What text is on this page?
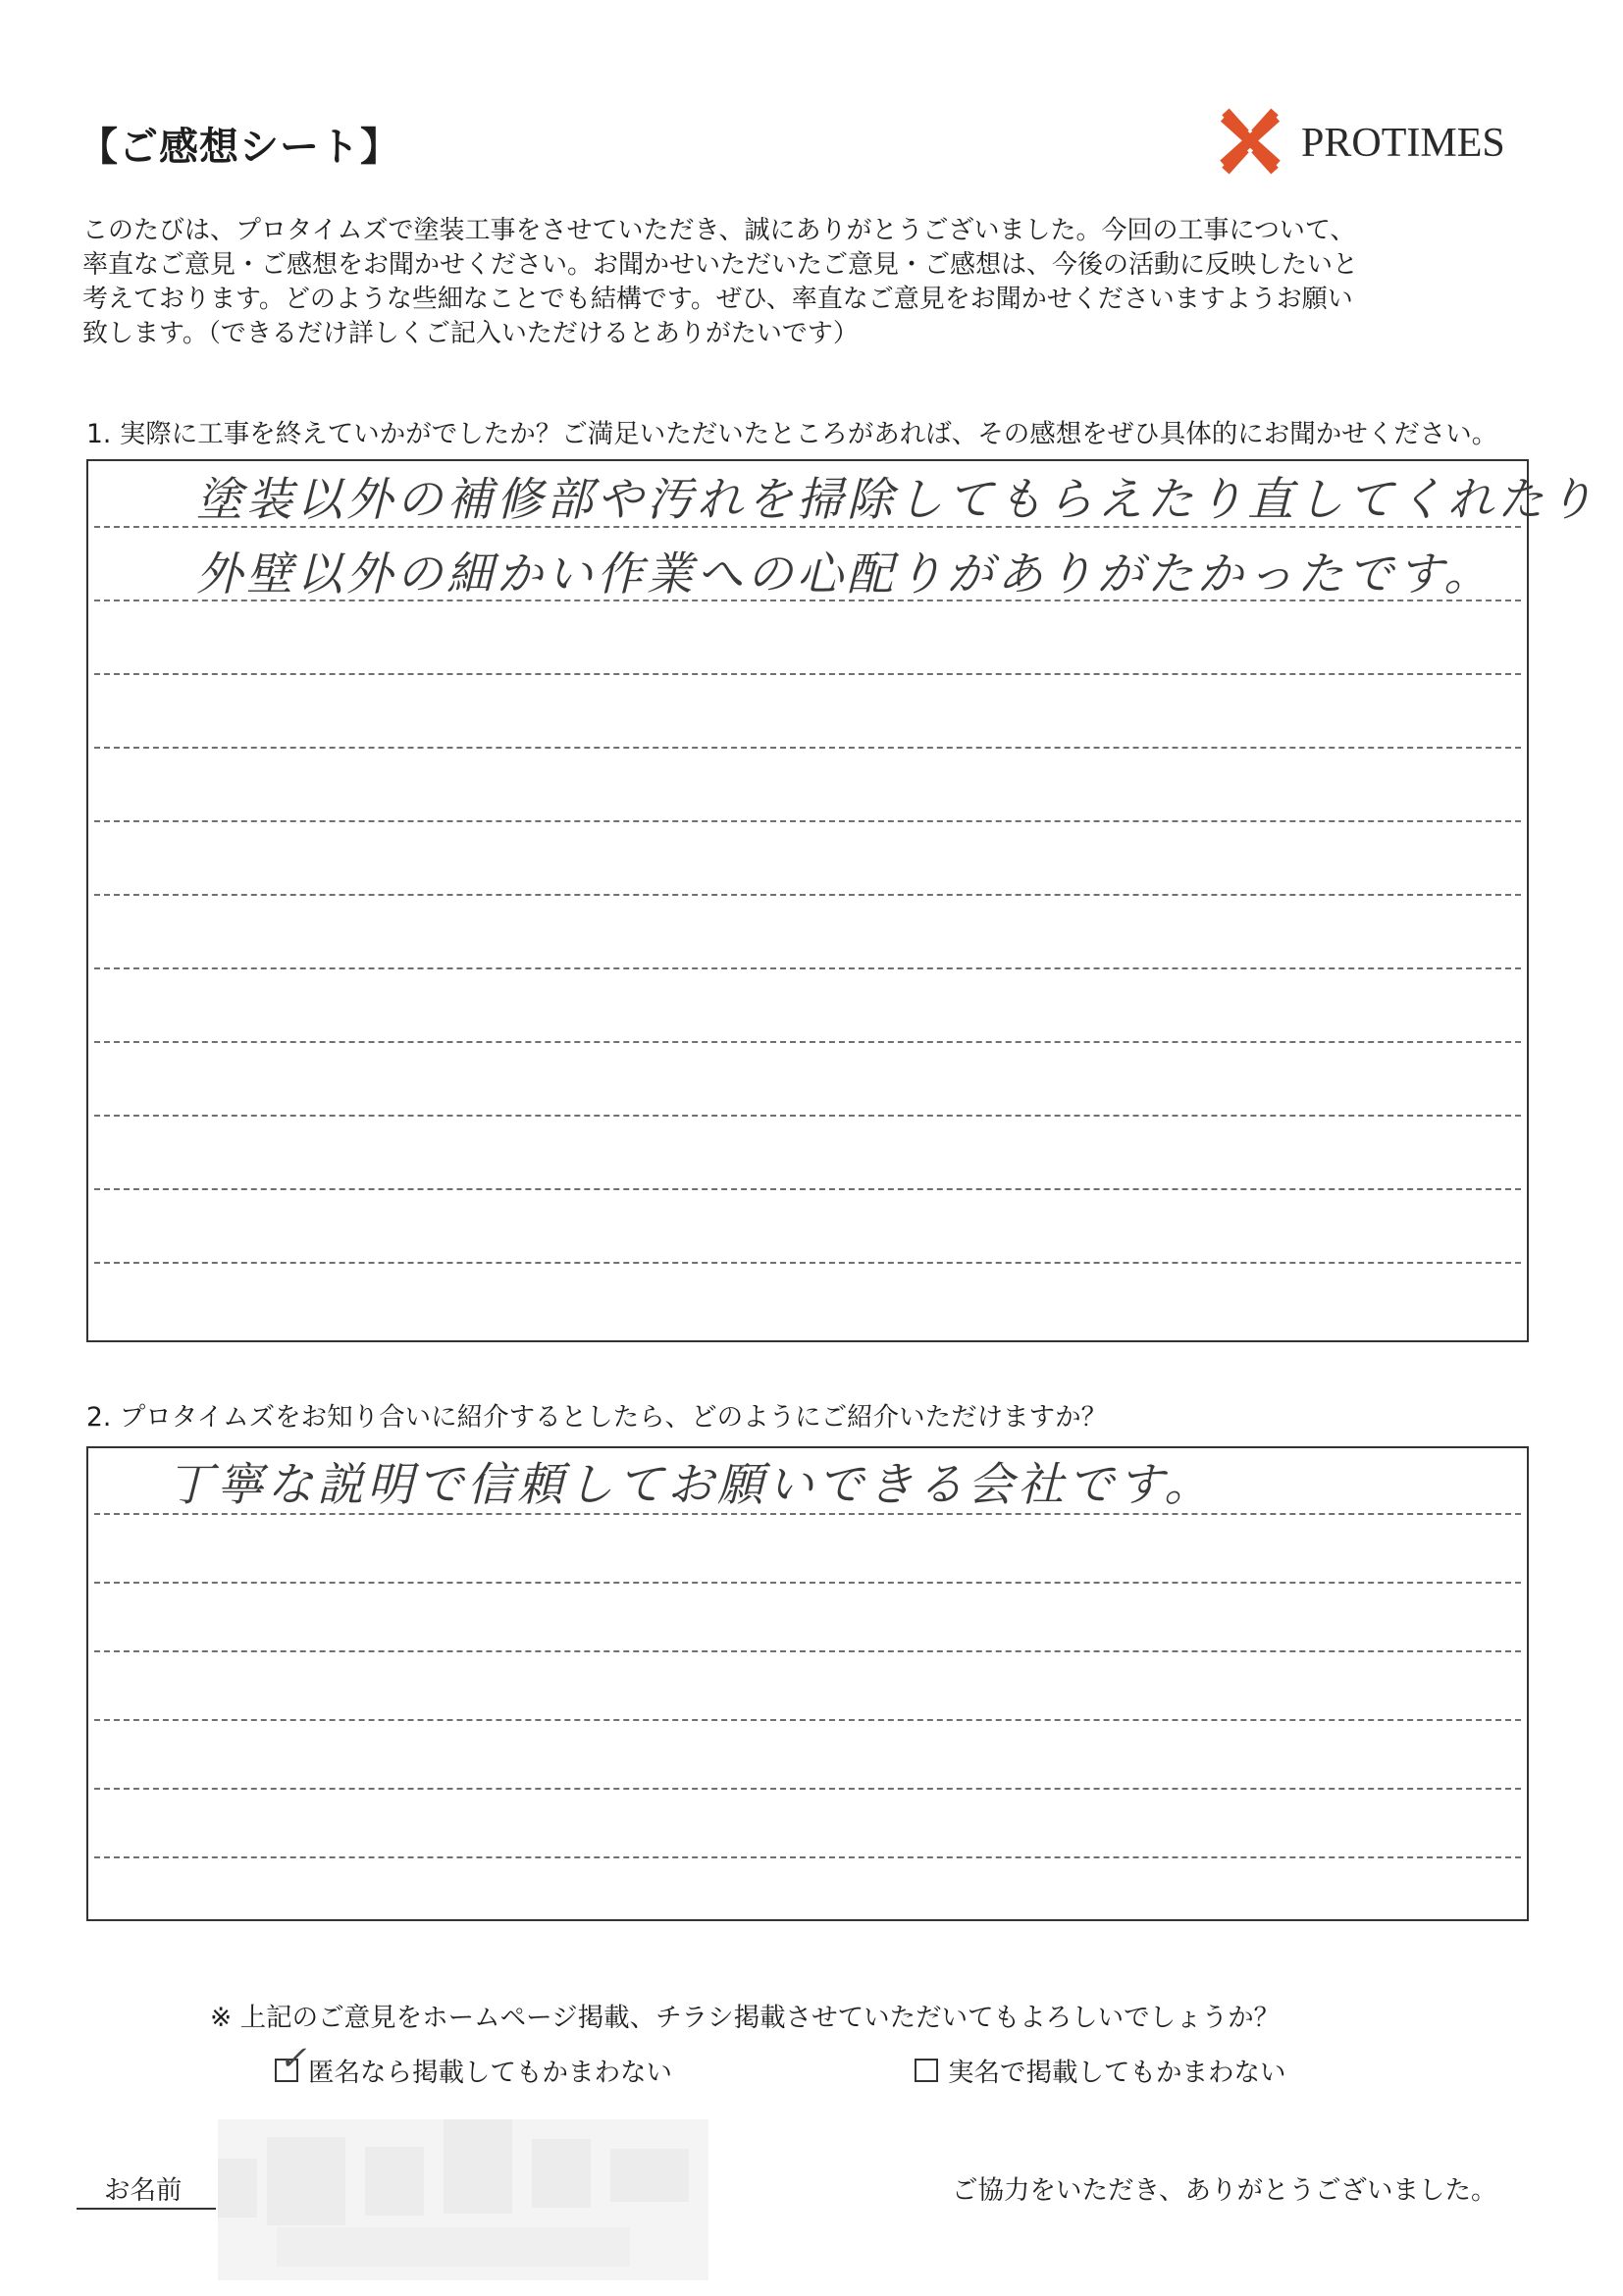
【ご感想シート】	PROTIMES
このたびは、プロタイムズで塗装工事をさせていただき、誠にありがとうございました。今回の工事について、
率直なご意見・ご感想をお聞かせください。お聞かせいただいたご意見・ご感想は、今後の活動に反映したいと
考えております。どのような些細なことでも結構です。ぜひ、率直なご意見をお聞かせくださいますようお願い
致します。（できるだけ詳しくご記入いただけるとありがたいです）
1. 実際に工事を終えていかがでしたか？ご満足いただいたところがあれば、その感想をぜひ具体的にお聞かせください。
塗装以外の補修部や汚れを掃除してもらえたり直してくれたり
外壁以外の細かい作業への心配りがありがたかったです。
2. プロタイムズをお知り合いに紹介するとしたら、どのようにご紹介いただけますか？
丁寧な説明で信頼してお願いできる会社です。
※ 上記のご意見をホームページ掲載、チラシ掲載させていただいてもよろしいでしょうか？
✓ 匿名なら掲載してもかまわない	実名で掲載してもかまわない
お名前	ご協力をいただき、ありがとうございました。
